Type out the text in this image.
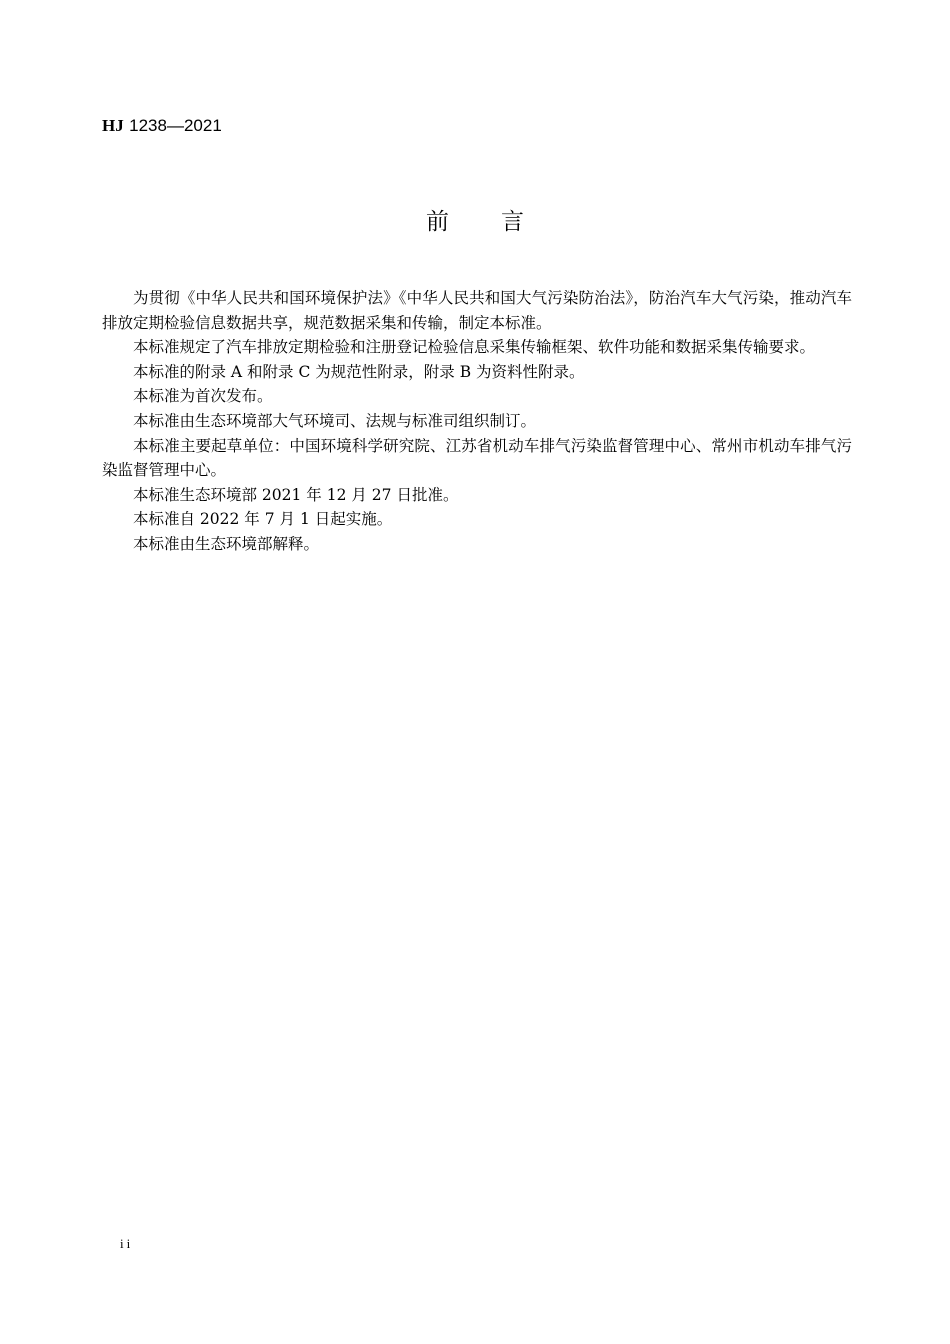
HJ 1238—2021
前言

为贯彻《中华人民共和国环境保护法》《中华人民共和国大气污染防治法》，防治汽车大气污染，推动汽车排放定期检验信息数据共享，规范数据采集和传输，制定本标准。

本标准规定了汽车排放定期检验和注册登记检验信息采集传输框架、软件功能和数据采集传输要求。

本标准的附录 A 和附录 C 为规范性附录，附录 B 为资料性附录。

本标准为首次发布。

本标准由生态环境部大气环境司、法规与标准司组织制订。

本标准主要起草单位：中国环境科学研究院、江苏省机动车排气污染监督管理中心、常州市机动车排气污染监督管理中心。

本标准生态环境部 2021 年 12 月 27 日批准。

本标准自 2022 年 7 月 1 日起实施。

本标准由生态环境部解释。

ii
